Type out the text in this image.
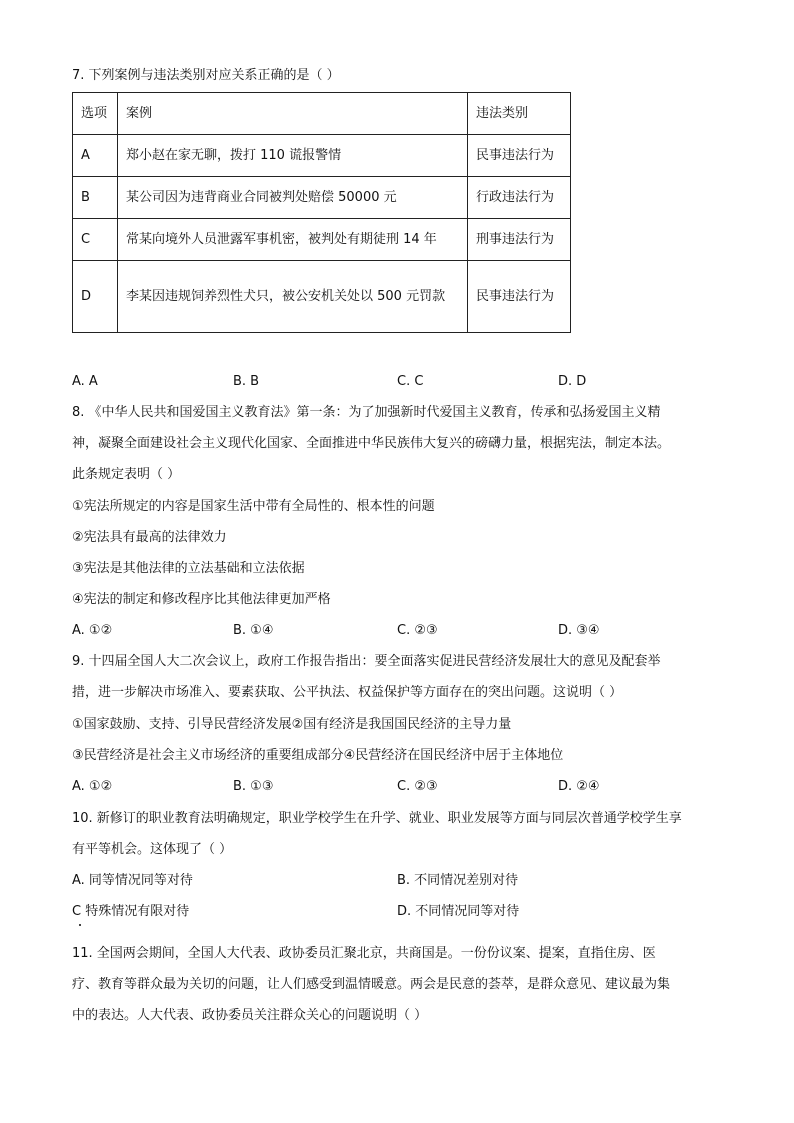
7. 下列案例与违法类别对应关系正确的是（ ）
选项	案例	违法类别
A	郑小赵在家无聊，拨打 110 谎报警情	民事违法行为
B	某公司因为违背商业合同被判处赔偿 50000 元	行政违法行为
C	常某向境外人员泄露军事机密，被判处有期徒刑 14 年	刑事违法行为
D	李某因违规饲养烈性犬只，被公安机关处以 500 元罚款	民事违法行为
A. A	B. B	C. C	D. D
8. 《中华人民共和国爱国主义教育法》第一条：为了加强新时代爱国主义教育，传承和弘扬爱国主义精
神，凝聚全面建设社会主义现代化国家、全面推进中华民族伟大复兴的磅礴力量，根据宪法，制定本法。
此条规定表明（ ）
①宪法所规定的内容是国家生活中带有全局性的、根本性的问题
②宪法具有最高的法律效力
③宪法是其他法律的立法基础和立法依据
④宪法的制定和修改程序比其他法律更加严格
A. ①②	B. ①④	C. ②③	D. ③④
9. 十四届全国人大二次会议上，政府工作报告指出：要全面落实促进民营经济发展壮大的意见及配套举
措，进一步解决市场准入、要素获取、公平执法、权益保护等方面存在的突出问题。这说明（ ）
①国家鼓励、支持、引导民营经济发展②国有经济是我国国民经济的主导力量
③民营经济是社会主义市场经济的重要组成部分④民营经济在国民经济中居于主体地位
A. ①②	B. ①③	C. ②③	D. ②④
10. 新修订的职业教育法明确规定，职业学校学生在升学、就业、职业发展等方面与同层次普通学校学生享
有平等机会。这体现了（ ）
A. 同等情况同等对待	B. 不同情况差别对待
C 特殊情况有限对待	D. 不同情况同等对待
11. 全国两会期间，全国人大代表、政协委员汇聚北京，共商国是。一份份议案、提案，直指住房、医
疗、教育等群众最为关切的问题，让人们感受到温情暖意。两会是民意的荟萃，是群众意见、建议最为集
中的表达。人大代表、政协委员关注群众关心的问题说明（ ）
